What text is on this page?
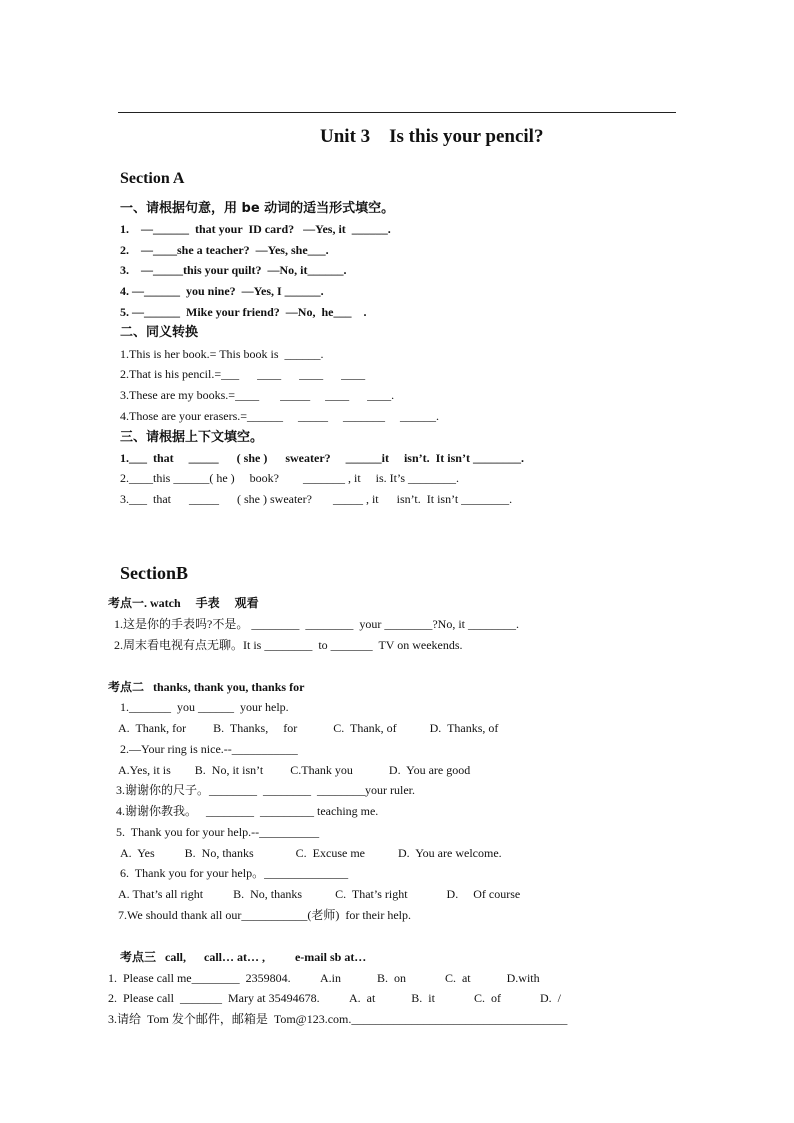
Unit 3    Is this your pencil?
Section A
一、请根据句意，用 be 动词的适当形式填空。
1.    —______  that your  ID card?   —Yes, it  ______.
2.    —____she a teacher?  —Yes, she___.
3.    —_____this your quilt?  —No, it______.
4. —______  you nine?  —Yes, I ______.
5. —______  Mike your friend?  —No,  he___    .
二、同义转换
1.This is her book.= This book is  ______.
2.That is his pencil.=___      ____      ____      ____
3.These are my books.=____       _____     ____      ____.
4.Those are your erasers.=______     _____     _______     ______.
三、请根据上下文填空。
1.___  that     _____      ( she )      sweater?     ______it     isn’t.  It isn’t ________.
2.____this ______( he )     book?        _______ , it     is. It’s ________.
3.___  that      _____      ( she ) sweater?       _____ , it      isn’t.  It isn’t ________.
SectionB
考点一. watch     手表     观看
1.这是你的手表吗?不是。 ________  ________  your ________?No, it ________.
2.周末看电视有点无聊。It is ________  to _______  TV on weekends.
考点二   thanks, thank you, thanks for
1._______  you ______  your help.
A.  Thank, for         B.  Thanks,     for            C.  Thank, of           D.  Thanks, of
2.—Your ring is nice.--___________
A.Yes, it is        B.  No, it isn’t         C.Thank you            D.  You are good
3.谢谢你的尺子。________  ________  ________your ruler.
4.谢谢你教我。   ________  _________ teaching me.
5.  Thank you for your help.--__________
A.  Yes          B.  No, thanks              C.  Excuse me           D.  You are welcome.
6.  Thank you for your help。______________
A. That’s all right          B.  No, thanks           C.  That’s right             D.     Of course
7.We should thank all our___________(老师)  for their help.
考点三   call,      call… at… ,          e-mail sb at…
1.  Please call me________  2359804.          A.in            B.  on             C.  at            D.with
2.  Please call  _______  Mary at 35494678.          A.  at            B.  it             C.  of             D.  /
3.请给  Tom 发个邮件，邮箱是  Tom@123.com.____________________________________
